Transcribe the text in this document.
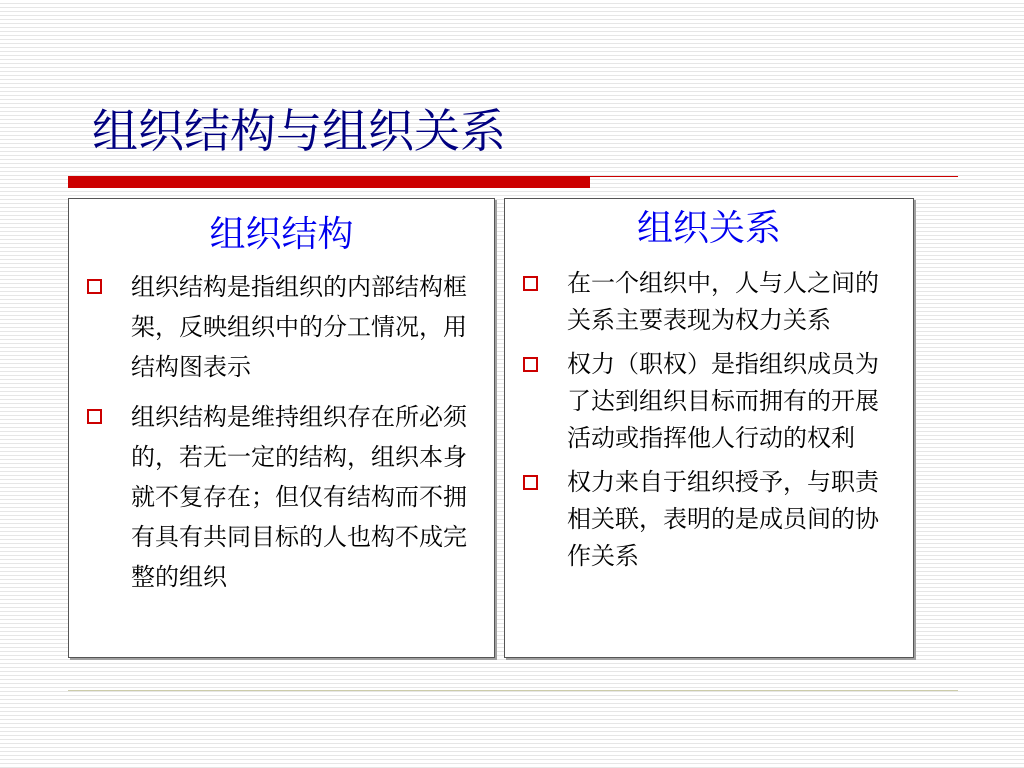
组织结构与组织关系
组织结构
组织结构是指组织的内部结构框架，反映组织中的分工情况，用结构图表示
组织结构是维持组织存在所必须的，若无一定的结构，组织本身就不复存在；但仅有结构而不拥有具有共同目标的人也构不成完整的组织
组织关系
在一个组织中，人与人之间的关系主要表现为权力关系
权力（职权）是指组织成员为了达到组织目标而拥有的开展活动或指挥他人行动的权利
权力来自于组织授予，与职责相关联，表明的是成员间的协作关系
